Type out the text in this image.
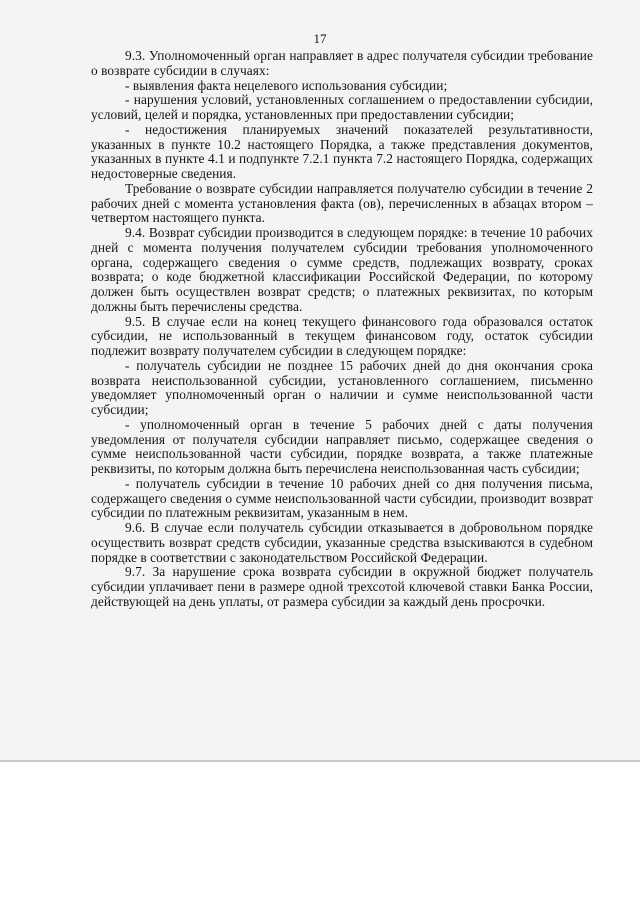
17

9.3. Уполномоченный орган направляет в адрес получателя субсидии требование о возврате субсидии в случаях:

- выявления факта нецелевого использования субсидии;

- нарушения условий, установленных соглашением о предоставлении субсидии, условий, целей и порядка, установленных при предоставлении субсидии;

- недостижения планируемых значений показателей результативности, указанных в пункте 10.2 настоящего Порядка, а также представления документов, указанных в пункте 4.1 и подпункте 7.2.1 пункта 7.2 настоящего Порядка, содержащих недостоверные сведения.

Требование о возврате субсидии направляется получателю субсидии в течение 2 рабочих дней с момента установления факта (ов), перечисленных в абзацах втором – четвертом настоящего пункта.

9.4. Возврат субсидии производится в следующем порядке: в течение 10 рабочих дней с момента получения получателем субсидии требования уполномоченного органа, содержащего сведения о сумме средств, подлежащих возврату, сроках возврата; о коде бюджетной классификации Российской Федерации, по которому должен быть осуществлен возврат средств; о платежных реквизитах, по которым должны быть перечислены средства.

9.5. В случае если на конец текущего финансового года образовался остаток субсидии, не использованный в текущем финансовом году, остаток субсидии подлежит возврату получателем субсидии в следующем порядке:

- получатель субсидии не позднее 15 рабочих дней до дня окончания срока возврата неиспользованной субсидии, установленного соглашением, письменно уведомляет уполномоченный орган о наличии и сумме неиспользованной части субсидии;

- уполномоченный орган в течение 5 рабочих дней с даты получения уведомления от получателя субсидии направляет письмо, содержащее сведения о сумме неиспользованной части субсидии, порядке возврата, а также платежные реквизиты, по которым должна быть перечислена неиспользованная часть субсидии;

- получатель субсидии в течение 10 рабочих дней со дня получения письма, содержащего сведения о сумме неиспользованной части субсидии, производит возврат субсидии по платежным реквизитам, указанным в нем.

9.6. В случае если получатель субсидии отказывается в добровольном порядке осуществить возврат средств субсидии, указанные средства взыскиваются в судебном порядке в соответствии с законодательством Российской Федерации.

9.7. За нарушение срока возврата субсидии в окружной бюджет получатель субсидии уплачивает пени в размере одной трехсотой ключевой ставки Банка России, действующей на день уплаты, от размера субсидии за каждый день просрочки.
